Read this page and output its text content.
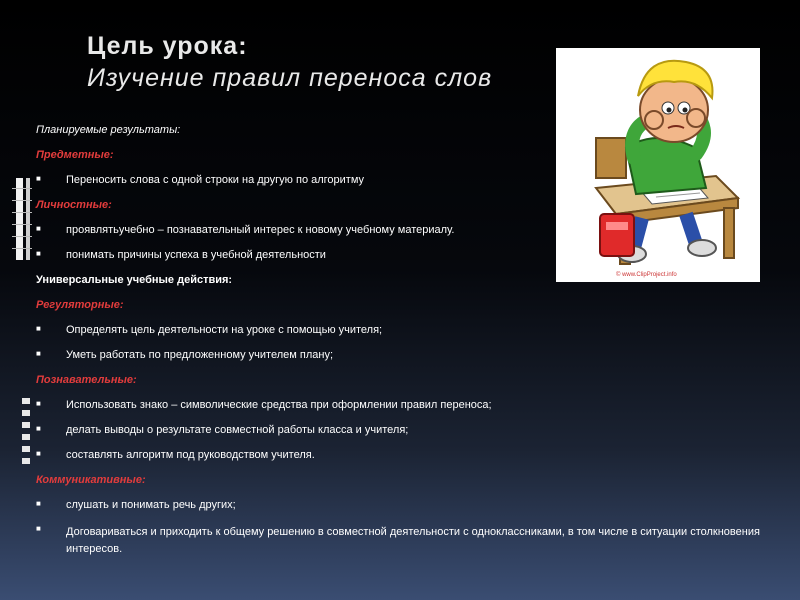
Цель урока:
Изучение правил переноса слов
© www.ClipProject.info
Планируемые результаты:
Предметные:
■ Переносить слова с одной строки на другую по алгоритму
Личностные:
■ проявлятьучебно – познавательный интерес к новому учебному материалу.
■ понимать причины успеха в учебной деятельности
Универсальные учебные действия:
Регуляторные:
■ Определять цель деятельности на уроке с помощью учителя;
■ Уметь работать по предложенному учителем плану;
Познавательные:
■ Использовать знако – символические средства при оформлении правил переноса;
■ делать выводы о результате совместной работы класса и учителя;
■ составлять алгоритм под руководством учителя.
Коммуникативные:
■ слушать и понимать речь других;
■ Договариваться и приходить к общему решению в совместной деятельности с одноклассниками, в том числе в ситуации столкновения интересов.
